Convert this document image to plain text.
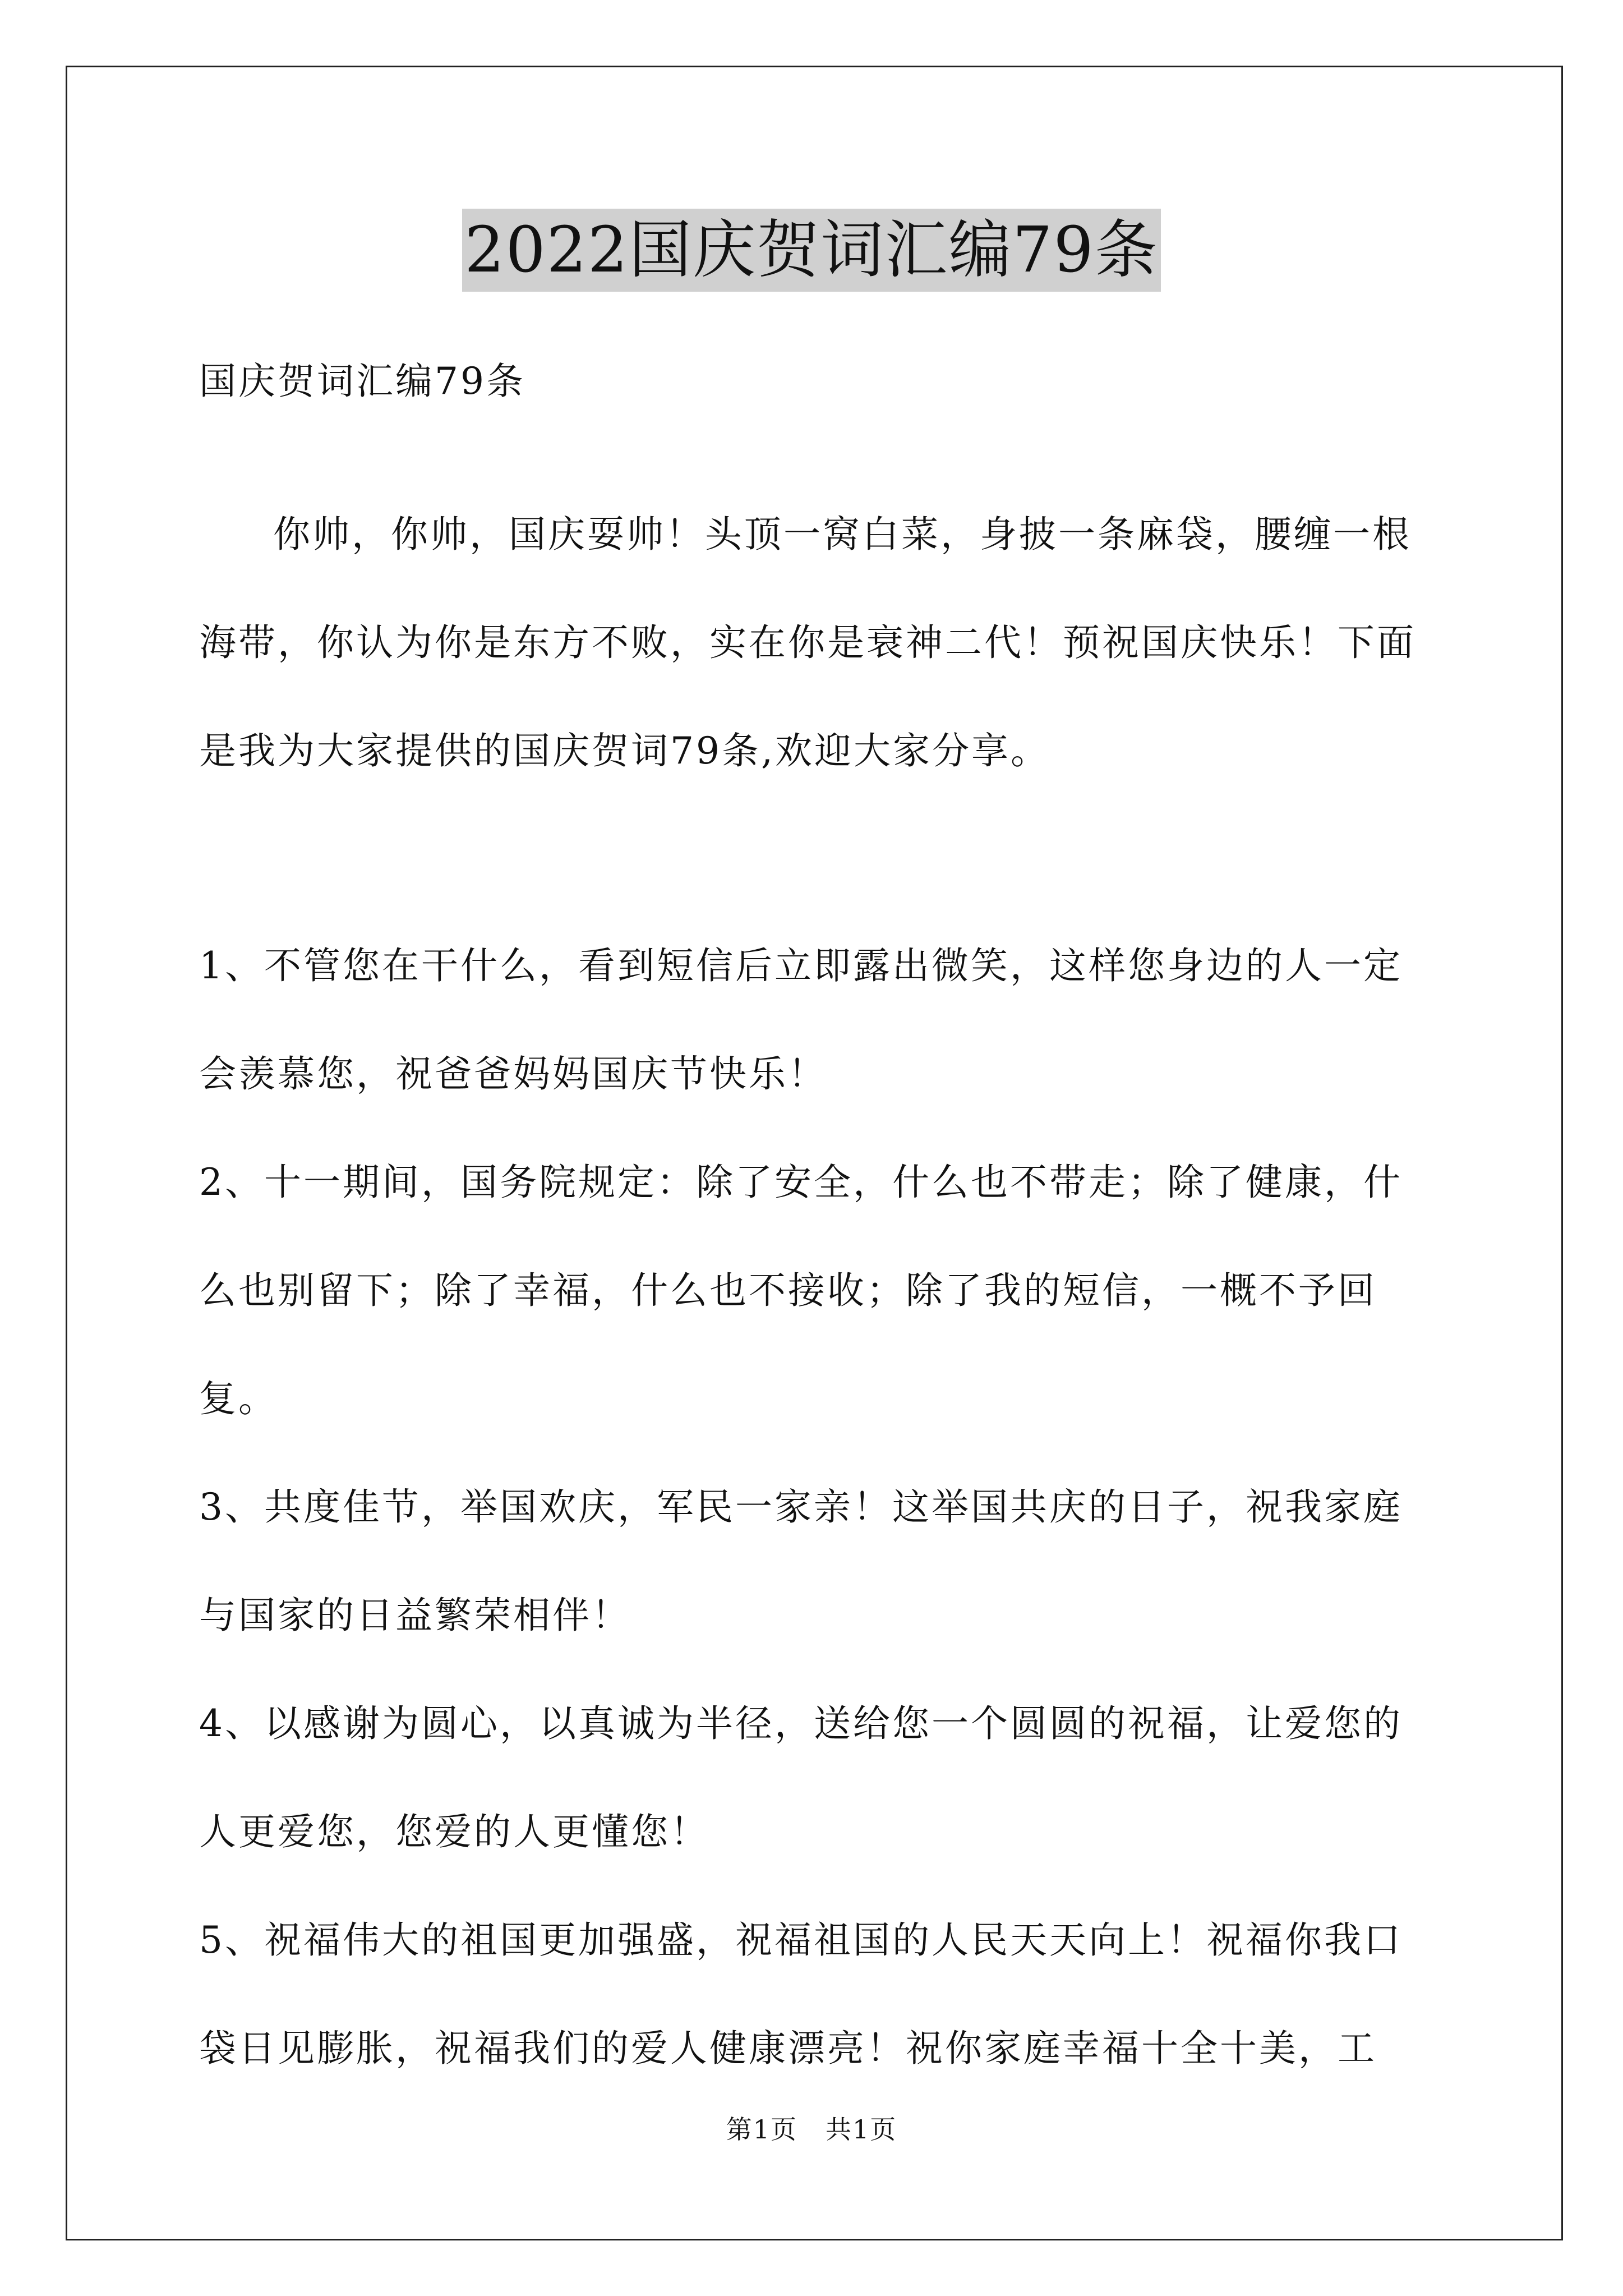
2022国庆贺词汇编79条

国庆贺词汇编79条

你帅，你帅，国庆耍帅！头顶一窝白菜，身披一条麻袋，腰缠一根海带，你认为你是东方不败，实在你是衰神二代！预祝国庆快乐！下面是我为大家提供的国庆贺词79条,欢迎大家分享。

1、不管您在干什么，看到短信后立即露出微笑，这样您身边的人一定会羡慕您，祝爸爸妈妈国庆节快乐！

2、十一期间，国务院规定：除了安全，什么也不带走；除了健康，什么也别留下；除了幸福，什么也不接收；除了我的短信，一概不予回复。

3、共度佳节，举国欢庆，军民一家亲！这举国共庆的日子，祝我家庭与国家的日益繁荣相伴！

4、以感谢为圆心，以真诚为半径，送给您一个圆圆的祝福，让爱您的人更爱您，您爱的人更懂您！

5、祝福伟大的祖国更加强盛，祝福祖国的人民天天向上！祝福你我口袋日见膨胀，祝福我们的爱人健康漂亮！祝你家庭幸福十全十美，工

第1页 共1页
